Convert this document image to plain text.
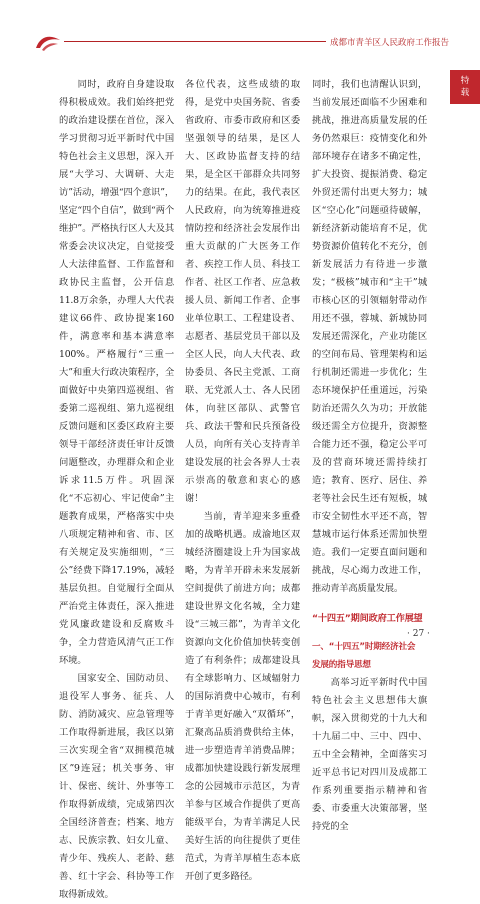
成都市青羊区人民政府工作报告
特
载

同时，政府自身建设取得积极成效。我们始终把党的政治建设摆在首位，深入学习贯彻习近平新时代中国特色社会主义思想，深入开展“大学习、大调研、大走访”活动，增强“四个意识”，坚定“四个自信”，做到“两个维护”。严格执行区人大及其常委会决议决定，自觉接受人大法律监督、工作监督和政协民主监督，公开信息11.8万余条，办理人大代表建议66件、政协提案160件，满意率和基本满意率100%。严格履行“三重一大”和重大行政决策程序，全面做好中央第四巡视组、省委第二巡视组、第九巡视组反馈问题和区委区政府主要领导干部经济责任审计反馈问题整改，办理群众和企业诉求11.5万件。巩固深化“不忘初心、牢记使命”主题教育成果，严格落实中央八项规定精神和省、市、区有关规定及实施细则，“三公”经费下降17.19%，减轻基层负担。自觉履行全面从严治党主体责任，深入推进党风廉政建设和反腐败斗争，全力营造风清气正工作环境。

国家安全、国防动员、退役军人事务、征兵、人防、消防减灾、应急管理等工作取得新进展，我区以第三次实现全省“双拥模范城区”9连冠；机关事务、审计、保密、统计、外事等工作取得新成绩，完成第四次全国经济普查；档案、地方志、民族宗教、妇女儿童、青少年、残疾人、老龄、慈善、红十字会、科协等工作取得新成效。

各位代表，这些成绩的取得，是党中央国务院、省委省政府、市委市政府和区委坚强领导的结果，是区人大、区政协监督支持的结果，是全区干部群众共同努力的结果。在此，我代表区人民政府，向为统筹推进疫情防控和经济社会发展作出重大贡献的广大医务工作者、疾控工作人员、科技工作者、社区工作者、应急救援人员、新闻工作者、企事业单位职工、工程建设者、志愿者、基层党员干部以及全区人民，向人大代表、政协委员、各民主党派、工商联、无党派人士、各人民团体，向驻区部队、武警官兵、政法干警和民兵预备役人员，向所有关心支持青羊建设发展的社会各界人士表示崇高的敬意和衷心的感谢！

当前，青羊迎来多重叠加的战略机遇。成渝地区双城经济圈建设上升为国家战略，为青羊开辟未来发展新空间提供了前进方向；成都建设世界文化名城，全力建设“三城三都”，为青羊文化资源向文化价值加快转变创造了有利条件；成都建设具有全球影响力、区域辐射力的国际消费中心城市，有利于青羊更好融入“双循环”，汇聚高品质消费供给主体，进一步塑造青羊消费品牌；成都加快建设践行新发展理念的公园城市示范区，为青羊参与区域合作提供了更高能级平台，为青羊满足人民美好生活的向往提供了更佳范式，为青羊厚植生态本底开创了更多路径。

同时，我们也清醒认识到，当前发展还面临不少困难和挑战，推进高质量发展的任务仍然艰巨：疫情变化和外部环境存在诸多不确定性，扩大投资、提振消费、稳定外贸还需付出更大努力；城区“空心化”问题亟待破解，新经济新动能培育不足，优势资源价值转化不充分，创新发展活力有待进一步激发；“极核”城市和“主干”城市核心区的引领辐射带动作用还不强，蓉城、新城协同发展还需深化，产业功能区的空间布局、管理架构和运行机制还需进一步优化；生态环境保护任重道远，污染防治还需久久为功；开放能级还需全方位提升，资源整合能力还不强，稳定公平可及的营商环境还需持续打造；教育、医疗、居住、养老等社会民生还有短板，城市安全韧性水平还不高，智慧城市运行体系还需加快塑造。我们一定要直面问题和挑战，尽心竭力改进工作，推动青羊高质量发展。

“十四五”期间政府工作展望
一、“十四五”时期经济社会
发展的指导思想

高举习近平新时代中国特色社会主义思想伟大旗帜，深入贯彻党的十九大和十九届二中、三中、四中、五中全会精神，全面落实习近平总书记对四川及成都工作系列重要指示精神和省委、市委重大决策部署，坚持党的全

· 27 ·
